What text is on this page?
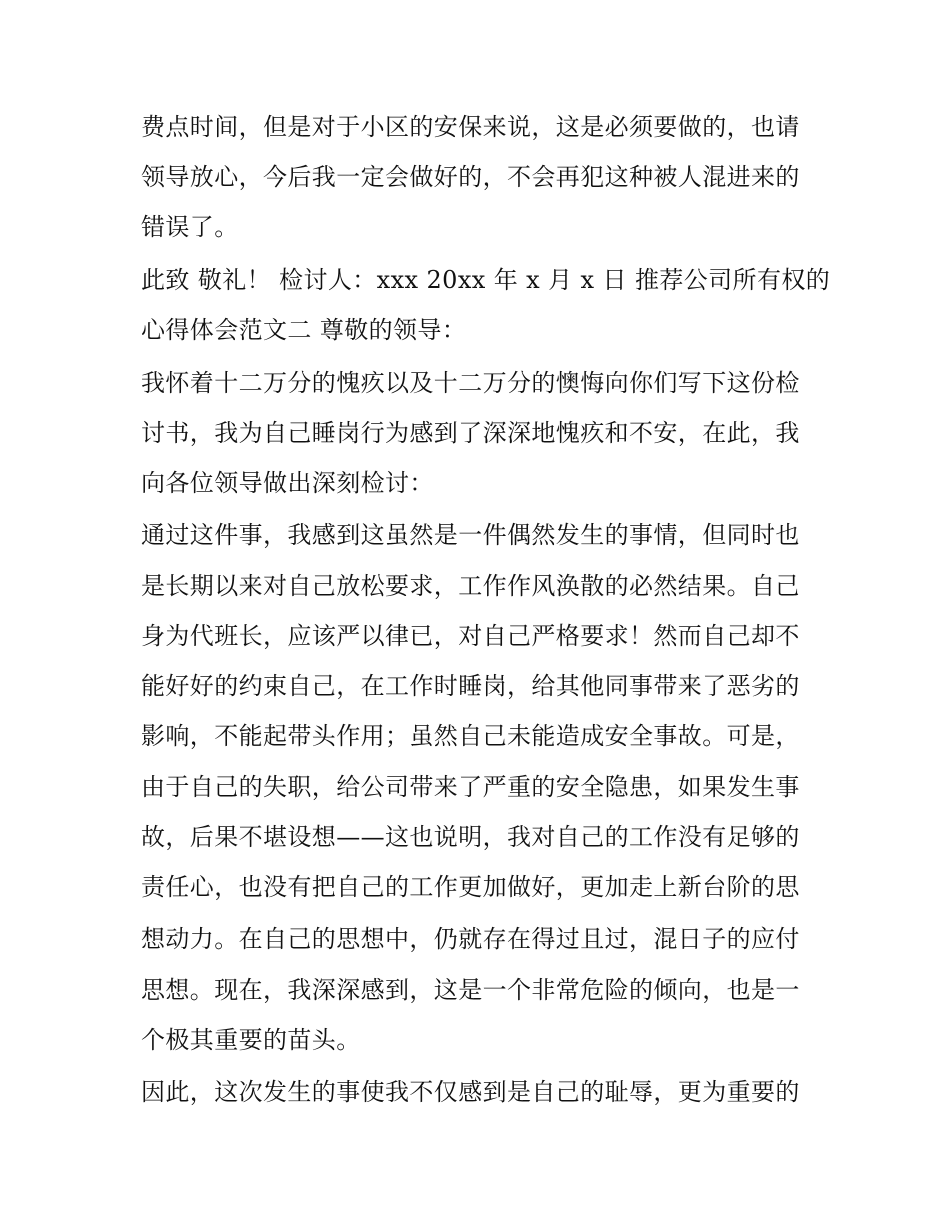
费点时间，但是对于小区的安保来说，这是必须要做的，也请
领导放心，今后我一定会做好的，不会再犯这种被人混进来的
错误了。
此致 敬礼！ 检讨人：xxx 20xx 年 x 月 x 日 推荐公司所有权的
心得体会范文二 尊敬的领导：
我怀着十二万分的愧疚以及十二万分的懊悔向你们写下这份检
讨书，我为自己睡岗行为感到了深深地愧疚和不安，在此，我
向各位领导做出深刻检讨：
通过这件事，我感到这虽然是一件偶然发生的事情，但同时也
是长期以来对自己放松要求，工作作风涣散的必然结果。自己
身为代班长，应该严以律已，对自己严格要求！然而自己却不
能好好的约束自己，在工作时睡岗，给其他同事带来了恶劣的
影响，不能起带头作用；虽然自己未能造成安全事故。可是，
由于自己的失职，给公司带来了严重的安全隐患，如果发生事
故，后果不堪设想——这也说明，我对自己的工作没有足够的
责任心，也没有把自己的工作更加做好，更加走上新台阶的思
想动力。在自己的思想中，仍就存在得过且过，混日子的应付
思想。现在，我深深感到，这是一个非常危险的倾向，也是一
个极其重要的苗头。
因此，这次发生的事使我不仅感到是自己的耻辱，更为重要的
